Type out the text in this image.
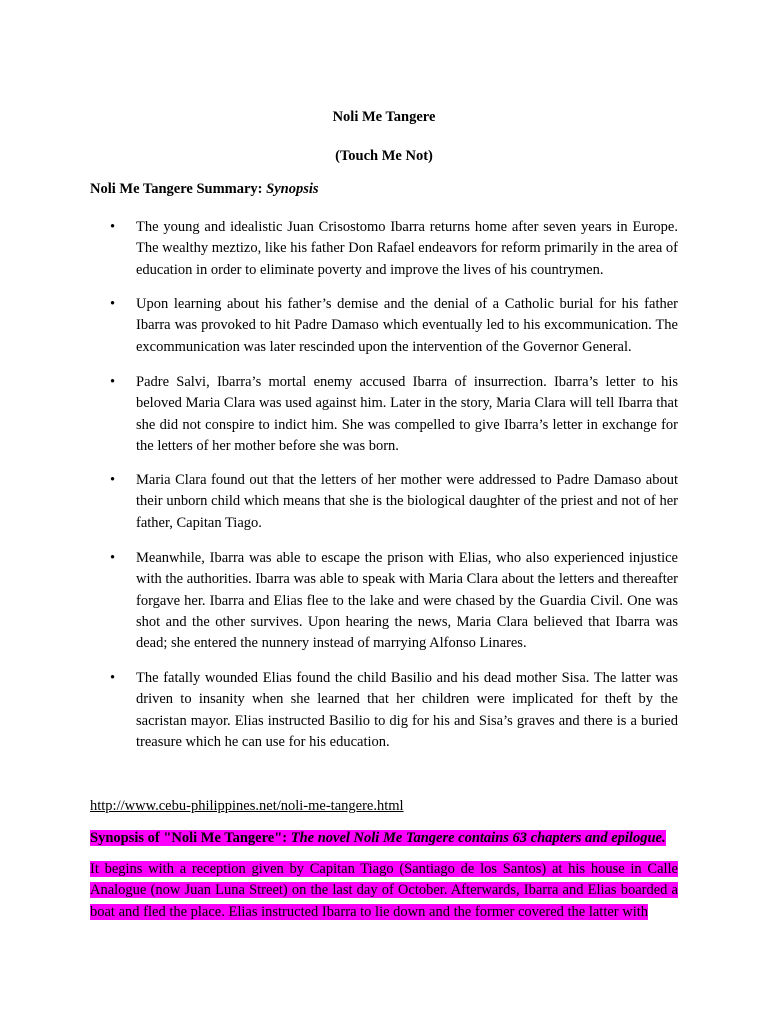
Noli Me Tangere
(Touch Me Not)
Noli Me Tangere Summary: Synopsis
• The young and idealistic Juan Crisostomo Ibarra returns home after seven years in Europe. The wealthy meztizo, like his father Don Rafael endeavors for reform primarily in the area of education in order to eliminate poverty and improve the lives of his countrymen.
• Upon learning about his father’s demise and the denial of a Catholic burial for his father Ibarra was provoked to hit Padre Damaso which eventually led to his excommunication. The excommunication was later rescinded upon the intervention of the Governor General.
• Padre Salvi, Ibarra’s mortal enemy accused Ibarra of insurrection. Ibarra’s letter to his beloved Maria Clara was used against him. Later in the story, Maria Clara will tell Ibarra that she did not conspire to indict him. She was compelled to give Ibarra’s letter in exchange for the letters of her mother before she was born.
• Maria Clara found out that the letters of her mother were addressed to Padre Damaso about their unborn child which means that she is the biological daughter of the priest and not of her father, Capitan Tiago.
• Meanwhile, Ibarra was able to escape the prison with Elias, who also experienced injustice with the authorities. Ibarra was able to speak with Maria Clara about the letters and thereafter forgave her. Ibarra and Elias flee to the lake and were chased by the Guardia Civil. One was shot and the other survives. Upon hearing the news, Maria Clara believed that Ibarra was dead; she entered the nunnery instead of marrying Alfonso Linares.
• The fatally wounded Elias found the child Basilio and his dead mother Sisa. The latter was driven to insanity when she learned that her children were implicated for theft by the sacristan mayor. Elias instructed Basilio to dig for his and Sisa’s graves and there is a buried treasure which he can use for his education.
http://www.cebu-philippines.net/noli-me-tangere.html
Synopsis of "Noli Me Tangere": The novel Noli Me Tangere contains 63 chapters and epilogue.
It begins with a reception given by Capitan Tiago (Santiago de los Santos) at his house in Calle Analogue (now Juan Luna Street) on the last day of October. Afterwards, Ibarra and Elias boarded a boat and fled the place. Elias instructed Ibarra to lie down and the former covered the latter with
